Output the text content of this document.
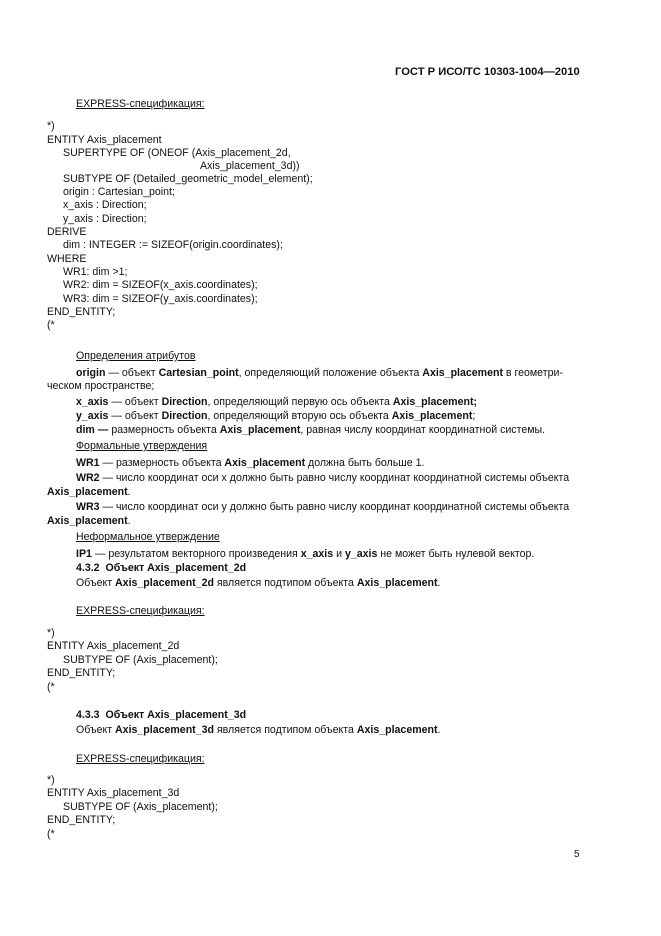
ГОСТ Р ИСО/ТС 10303-1004—2010
EXPRESS-спецификация:
*)
ENTITY Axis_placement
SUPERTYPE OF (ONEOF (Axis_placement_2d,
Axis_placement_3d))
SUBTYPE OF (Detailed_geometric_model_element);
origin : Cartesian_point;
x_axis : Direction;
y_axis : Direction;
DERIVE
dim : INTEGER := SIZEOF(origin.coordinates);
WHERE
WR1: dim >1;
WR2: dim = SIZEOF(x_axis.coordinates);
WR3: dim = SIZEOF(y_axis.coordinates);
END_ENTITY;
(*
Определения атрибутов
origin — объект Cartesian_point, определяющий положение объекта Axis_placement в геометри-
ческом пространстве;
x_axis — объект Direction, определяющий первую ось объекта Axis_placement;
y_axis — объект Direction, определяющий вторую ось объекта Axis_placement;
dim — размерность объекта Axis_placement, равная числу координат координатной системы.
Формальные утверждения
WR1 — размерность объекта Axis_placement должна быть больше 1.
WR2 — число координат оси x должно быть равно числу координат координатной системы объекта
Axis_placement.
WR3 — число координат оси y должно быть равно числу координат координатной системы объекта
Axis_placement.
Неформальное утверждение
IP1 — результатом векторного произведения x_axis и y_axis не может быть нулевой вектор.
4.3.2  Объект Axis_placement_2d
Объект Axis_placement_2d является подтипом объекта Axis_placement.
EXPRESS-спецификация:
*)
ENTITY Axis_placement_2d
SUBTYPE OF (Axis_placement);
END_ENTITY;
(*
4.3.3  Объект Axis_placement_3d
Объект Axis_placement_3d является подтипом объекта Axis_placement.
EXPRESS-спецификация:
*)
ENTITY Axis_placement_3d
SUBTYPE OF (Axis_placement);
END_ENTITY;
(*
5
